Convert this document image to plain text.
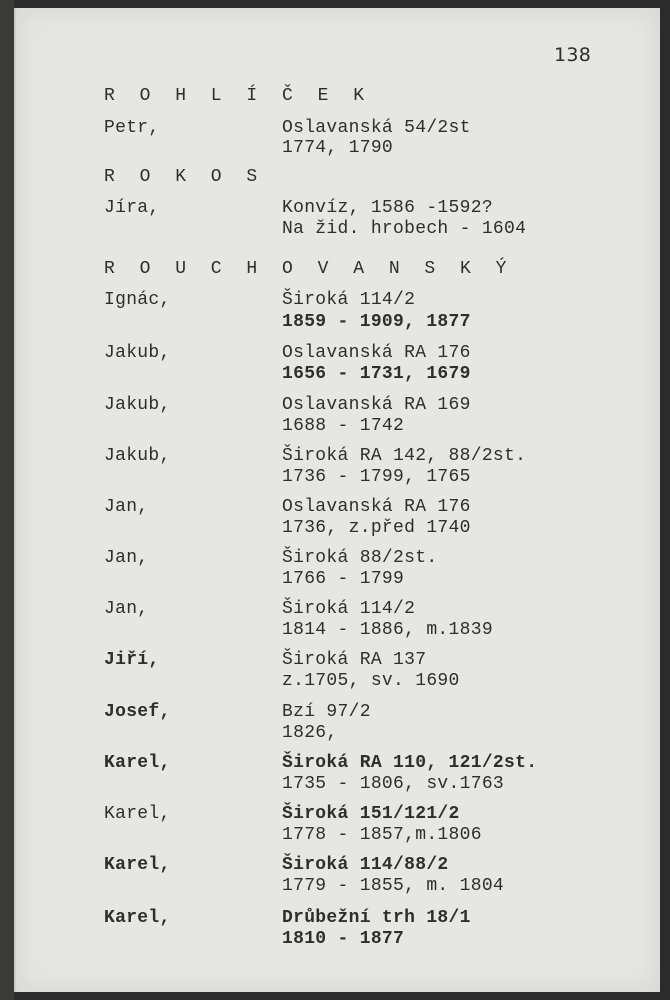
138
R O H L Í Č E K
Petr,	Oslavanská 54/2st
1774, 1790
R O K O S
Jíra,	Konvíz, 1586 -1592?
Na žid. hrobech - 1604
R O U C H O V A N S K Ý
Ignác,	Široká 114/2
1859 - 1909, 1877
Jakub,	Oslavanská RA 176
1656 - 1731, 1679
Jakub,	Oslavanská RA 169
1688 - 1742
Jakub,	Široká RA 142, 88/2st.
1736 - 1799, 1765
Jan,	Oslavanská RA 176
1736, z.před 1740
Jan,	Široká 88/2st.
1766 - 1799
Jan,	Široká 114/2
1814 - 1886, m.1839
Jiří,	Široká RA 137
z.1705, sv. 1690
Josef,	Bzí 97/2
1826,
Karel,	Široká RA 110, 121/2st.
1735 - 1806, sv.1763
Karel,	Široká 151/121/2
1778 - 1857,m.1806
Karel,	Široká 114/88/2
1779 - 1855, m. 1804
Karel,	Drůbežní trh 18/1
1810 - 1877
